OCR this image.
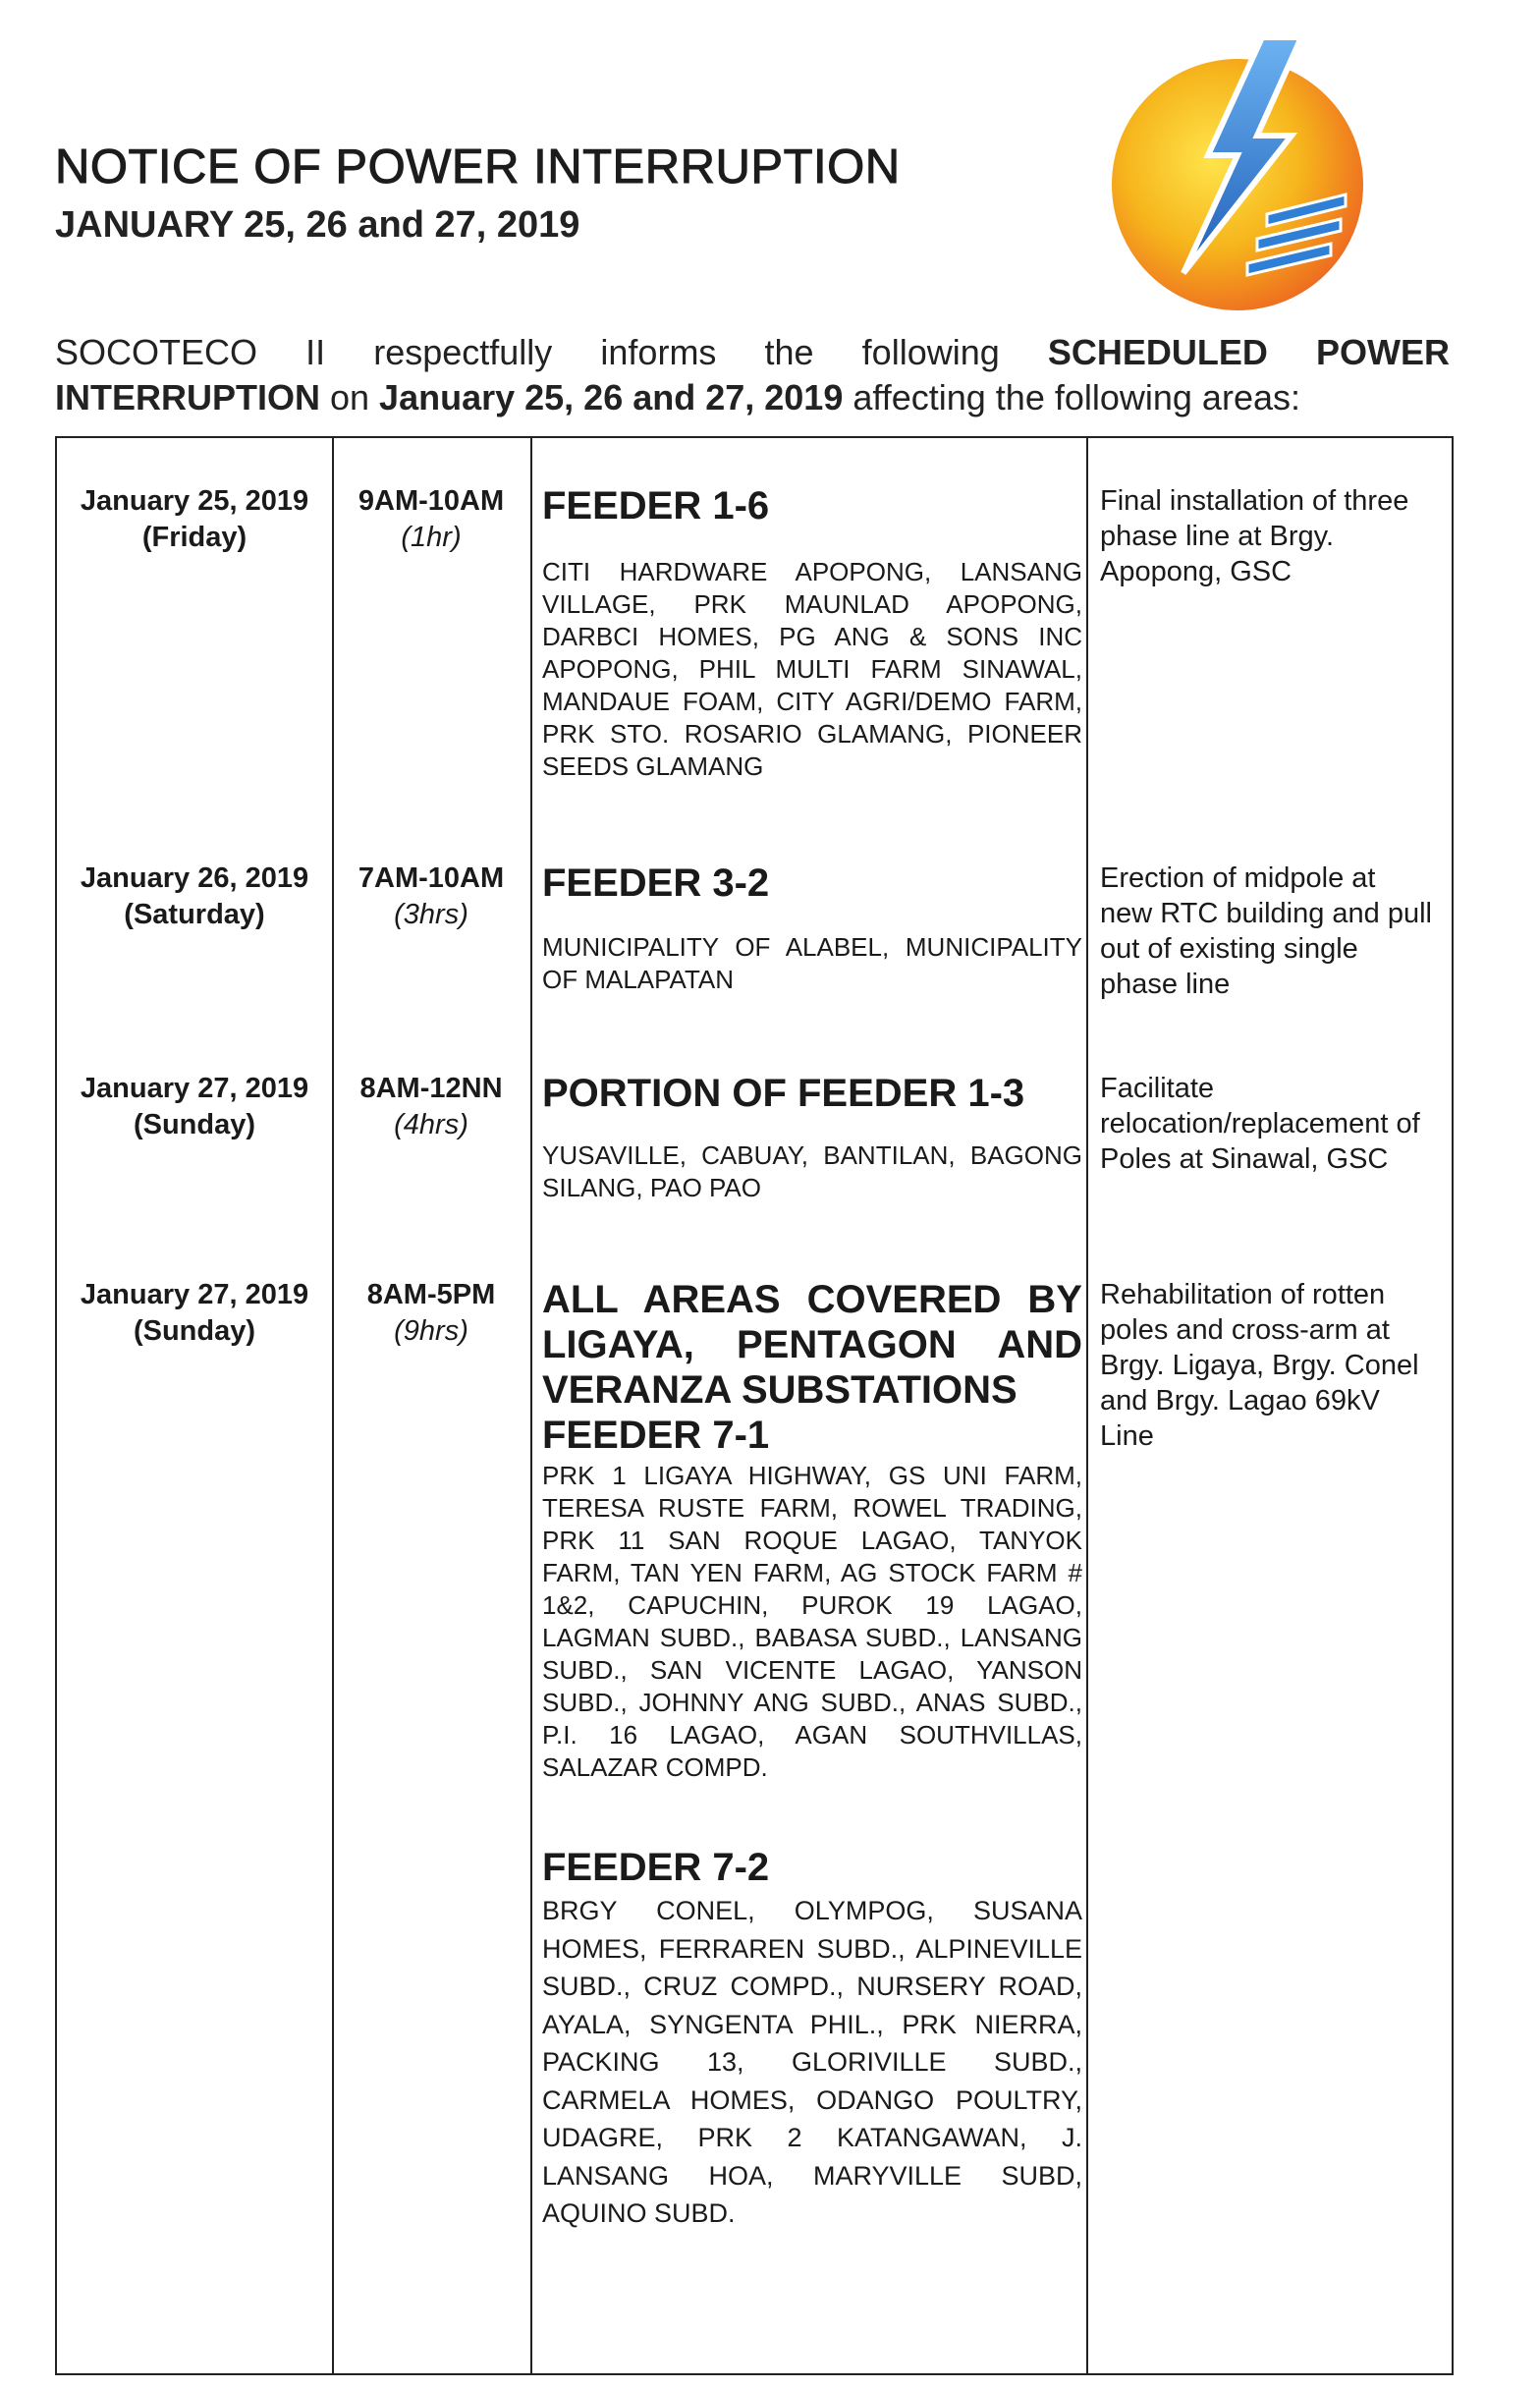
NOTICE OF POWER INTERRUPTION
JANUARY 25, 26 and 27, 2019
SOCOTECO II respectfully informs the following SCHEDULED POWER INTERRUPTION on January 25, 26 and 27, 2019 affecting the following areas:
January 25, 2019
(Friday)
9AM-10AM
(1hr)

FEEDER 1-6

CITI HARDWARE APOPONG, LANSANG VILLAGE, PRK MAUNLAD APOPONG, DARBCI HOMES, PG ANG & SONS INC APOPONG, PHIL MULTI FARM SINAWAL, MANDAUE FOAM, CITY AGRI/DEMO FARM, PRK STO. ROSARIO GLAMANG, PIONEER SEEDS GLAMANG

Final installation of three phase line at Brgy. Apopong, GSC
January 26, 2019
(Saturday)
7AM-10AM
(3hrs)

FEEDER 3-2

MUNICIPALITY OF ALABEL, MUNICIPALITY OF MALAPATAN

Erection of midpole at new RTC building and pull out of existing single phase line
January 27, 2019
(Sunday)
8AM-12NN
(4hrs)

PORTION OF FEEDER 1-3

YUSAVILLE, CABUAY, BANTILAN, BAGONG SILANG, PAO PAO

Facilitate relocation/replacement of Poles at Sinawal, GSC
January 27, 2019
(Sunday)
8AM-5PM
(9hrs)

ALL AREAS COVERED BY LIGAYA, PENTAGON AND VERANZA SUBSTATIONS

FEEDER 7-1

PRK 1 LIGAYA HIGHWAY, GS UNI FARM, TERESA RUSTE FARM, ROWEL TRADING, PRK 11 SAN ROQUE LAGAO, TANYOK FARM, TAN YEN FARM, AG STOCK FARM # 1&2, CAPUCHIN, PUROK 19 LAGAO, LAGMAN SUBD., BABASA SUBD., LANSANG SUBD., SAN VICENTE LAGAO, YANSON SUBD., JOHNNY ANG SUBD., ANAS SUBD., P.I. 16 LAGAO, AGAN SOUTHVILLAS, SALAZAR COMPD.

FEEDER 7-2

BRGY CONEL, OLYMPOG, SUSANA HOMES, FERRAREN SUBD., ALPINEVILLE SUBD., CRUZ COMPD., NURSERY ROAD, AYALA, SYNGENTA PHIL., PRK NIERRA, PACKING 13, GLORIVILLE SUBD., CARMELA HOMES, ODANGO POULTRY, UDAGRE, PRK 2 KATANGAWAN, J. LANSANG HOA, MARYVILLE SUBD, AQUINO SUBD.

Rehabilitation of rotten poles and cross-arm at Brgy. Ligaya, Brgy. Conel and Brgy. Lagao 69kV Line
